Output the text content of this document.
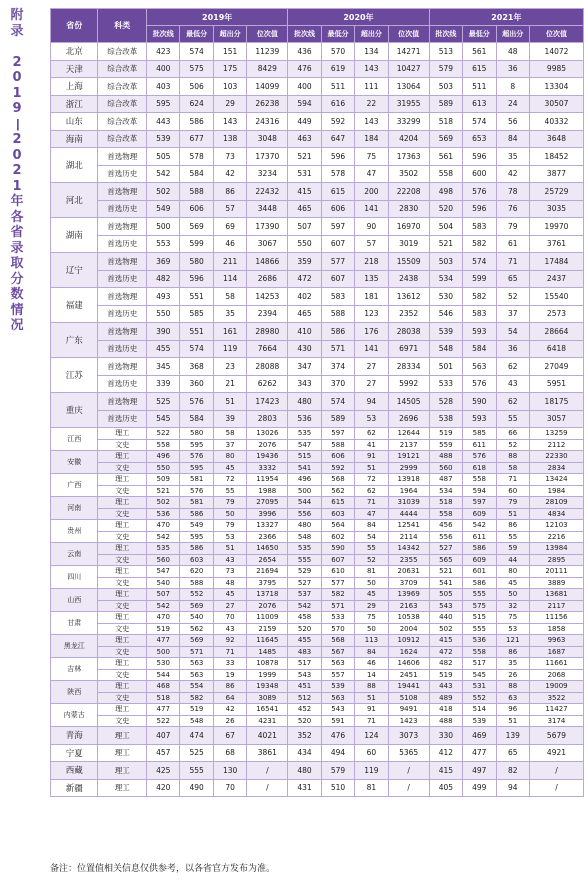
附
录

2
0
1
9
—
2
0
2
1
年
各
省
录
取
分
数
情
况
省份	科类	2019年				2020年				2021年			
		批次线	最低分	超出分	位次值	批次线	最低分	超出分	位次值	批次线	最低分	超出分	位次值
北京	综合改革	423	574	151	11239	436	570	134	14271	513	561	48	14072
天津	综合改革	400	575	175	8429	476	619	143	10427	579	615	36	9985
上海	综合改革	403	506	103	14099	400	511	111	13064	503	511	8	13304
浙江	综合改革	595	624	29	26238	594	616	22	31955	589	613	24	30507
山东	综合改革	443	586	143	24316	449	592	143	33299	518	574	56	40332
海南	综合改革	539	677	138	3048	463	647	184	4204	569	653	84	3648
湖北	首选物理	505	578	73	17370	521	596	75	17363	561	596	35	18452
	首选历史	542	584	42	3234	531	578	47	3502	558	600	42	3877
河北	首选物理	502	588	86	22432	415	615	200	22208	498	576	78	25729
	首选历史	549	606	57	3448	465	606	141	2830	520	596	76	3035
湖南	首选物理	500	569	69	17390	507	597	90	16970	504	583	79	19970
	首选历史	553	599	46	3067	550	607	57	3019	521	582	61	3761
辽宁	首选物理	369	580	211	14866	359	577	218	15509	503	574	71	17484
	首选历史	482	596	114	2686	472	607	135	2438	534	599	65	2437
福建	首选物理	493	551	58	14253	402	583	181	13612	530	582	52	15540
	首选历史	550	585	35	2394	465	588	123	2352	546	583	37	2573
广东	首选物理	390	551	161	28980	410	586	176	28038	539	593	54	28664
	首选历史	455	574	119	7664	430	571	141	6971	548	584	36	6418
江苏	首选物理	345	368	23	28088	347	374	27	28334	501	563	62	27049
	首选历史	339	360	21	6262	343	370	27	5992	533	576	43	5951
重庆	首选物理	525	576	51	17423	480	574	94	14505	528	590	62	18175
	首选历史	545	584	39	2803	536	589	53	2696	538	593	55	3057
江西	理工	522	580	58	13026	535	597	62	12644	519	585	66	13259
	文史	558	595	37	2076	547	588	41	2137	559	611	52	2112
安徽	理工	496	576	80	19436	515	606	91	19121	488	576	88	22330
	文史	550	595	45	3332	541	592	51	2999	560	618	58	2834
广西	理工	509	581	72	11954	496	568	72	13918	487	558	71	13424
	文史	521	576	55	1988	500	562	62	1964	534	594	60	1984
河南	理工	502	581	79	27095	544	615	71	31039	518	597	79	28109
	文史	536	586	50	3996	556	603	47	4444	558	609	51	4834
贵州	理工	470	549	79	13327	480	564	84	12541	456	542	86	12103
	文史	542	595	53	2366	548	602	54	2114	556	611	55	2216
云南	理工	535	586	51	14650	535	590	55	14342	527	586	59	13984
	文史	560	603	43	2654	555	607	52	2355	565	609	44	2895
四川	理工	547	620	73	21694	529	610	81	20631	521	601	80	20111
	文史	540	588	48	3795	527	577	50	3709	541	586	45	3889
山西	理工	507	552	45	13718	537	582	45	13969	505	555	50	13681
	文史	542	569	27	2076	542	571	29	2163	543	575	32	2117
甘肃	理工	470	540	70	11009	458	533	75	10538	440	515	75	11156
	文史	519	562	43	2159	520	570	50	2004	502	555	53	1858
黑龙江	理工	477	569	92	11645	455	568	113	10912	415	536	121	9963
	文史	500	571	71	1485	483	567	84	1624	472	558	86	1687
吉林	理工	530	563	33	10878	517	563	46	14606	482	517	35	11661
	文史	544	563	19	1999	543	557	14	2451	519	545	26	2068
陕西	理工	468	554	86	19348	451	539	88	19441	443	531	88	19009
	文史	518	582	64	3089	512	563	51	5108	489	552	63	3522
内蒙古	理工	477	519	42	16541	452	543	91	9491	418	514	96	11427
	文史	522	548	26	4231	520	591	71	1423	488	539	51	3174
青海	理工	407	474	67	4021	352	476	124	3073	330	469	139	5679
宁夏	理工	457	525	68	3861	434	494	60	5365	412	477	65	4921
西藏	理工	425	555	130	/	480	579	119	/	415	497	82	/
新疆	理工	420	490	70	/	431	510	81	/	405	499	94	/
备注：位置值相关信息仅供参考，以各省官方发布为准。
